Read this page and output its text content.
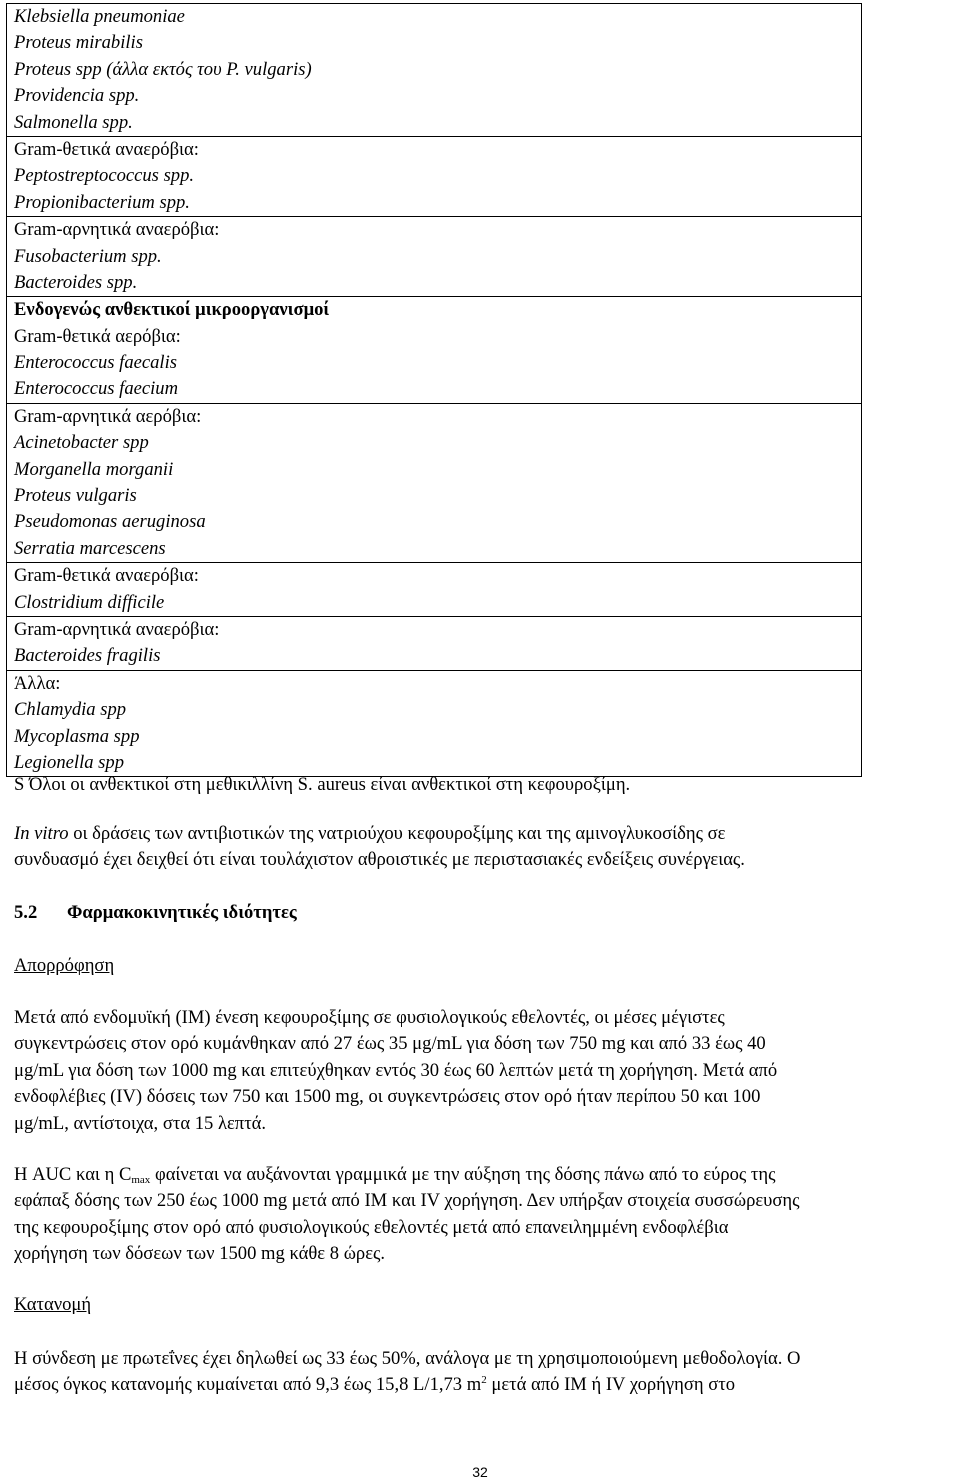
Klebsiella pneumoniae
Proteus mirabilis
Proteus spp (άλλα εκτός του P. vulgaris)
Providencia spp.
Salmonella spp.
Gram-θετικά αναερόβια:
Peptostreptococcus spp.
Propionibacterium spp.
Gram-αρνητικά αναερόβια:
Fusobacterium spp.
Bacteroides spp.
Ενδογενώς ανθεκτικοί μικροοργανισμοί
Gram-θετικά αερόβια:
Enterococcus faecalis
Enterococcus faecium
Gram-αρνητικά αερόβια:
Acinetobacter spp
Morganella morganii
Proteus vulgaris
Pseudomonas aeruginosa
Serratia marcescens
Gram-θετικά αναερόβια:
Clostridium difficile
Gram-αρνητικά αναερόβια:
Bacteroides fragilis
Άλλα:
Chlamydia spp
Mycoplasma spp
Legionella spp
S Όλοι οι ανθεκτικοί στη μεθικιλλίνη S. aureus είναι ανθεκτικοί στη κεφουροξίμη.
In vitro οι δράσεις των αντιβιοτικών της νατριούχου κεφουροξίμης και της αμινογλυκοσίδης σε
συνδυασμό έχει δειχθεί ότι είναι τουλάχιστον αθροιστικές με περιστασιακές ενδείξεις συνέργειας.
5.2 Φαρμακοκινητικές ιδιότητες
Απορρόφηση
Μετά από ενδομυϊκή (IM) ένεση κεφουροξίμης σε φυσιολογικούς εθελοντές, οι μέσες μέγιστες
συγκεντρώσεις στον ορό κυμάνθηκαν από 27 έως 35 μg/mL για δόση των 750 mg και από 33 έως 40
μg/mL για δόση των 1000 mg και επιτεύχθηκαν εντός 30 έως 60 λεπτών μετά τη χορήγηση. Μετά από
ενδοφλέβιες (IV) δόσεις των 750 και 1500 mg, οι συγκεντρώσεις στον ορό ήταν περίπου 50 και 100
μg/mL, αντίστοιχα, στα 15 λεπτά.
Η AUC και η $C_{max}$ φαίνεται να αυξάνονται γραμμικά με την αύξηση της δόσης πάνω από το εύρος της
εφάπαξ δόσης των 250 έως 1000 mg μετά από IM και IV χορήγηση. Δεν υπήρξαν στοιχεία συσσώρευσης
της κεφουροξίμης στον ορό από φυσιολογικούς εθελοντές μετά από επανειλημμένη ενδοφλέβια
χορήγηση των δόσεων των 1500 mg κάθε 8 ώρες.
Κατανομή
Η σύνδεση με πρωτεΐνες έχει δηλωθεί ως 33 έως 50%, ανάλογα με τη χρησιμοποιούμενη μεθοδολογία. Ο
μέσος όγκος κατανομής κυμαίνεται από 9,3 έως 15,8 L/1,73 $m^2$ μετά από IM ή IV χορήγηση στο
32
